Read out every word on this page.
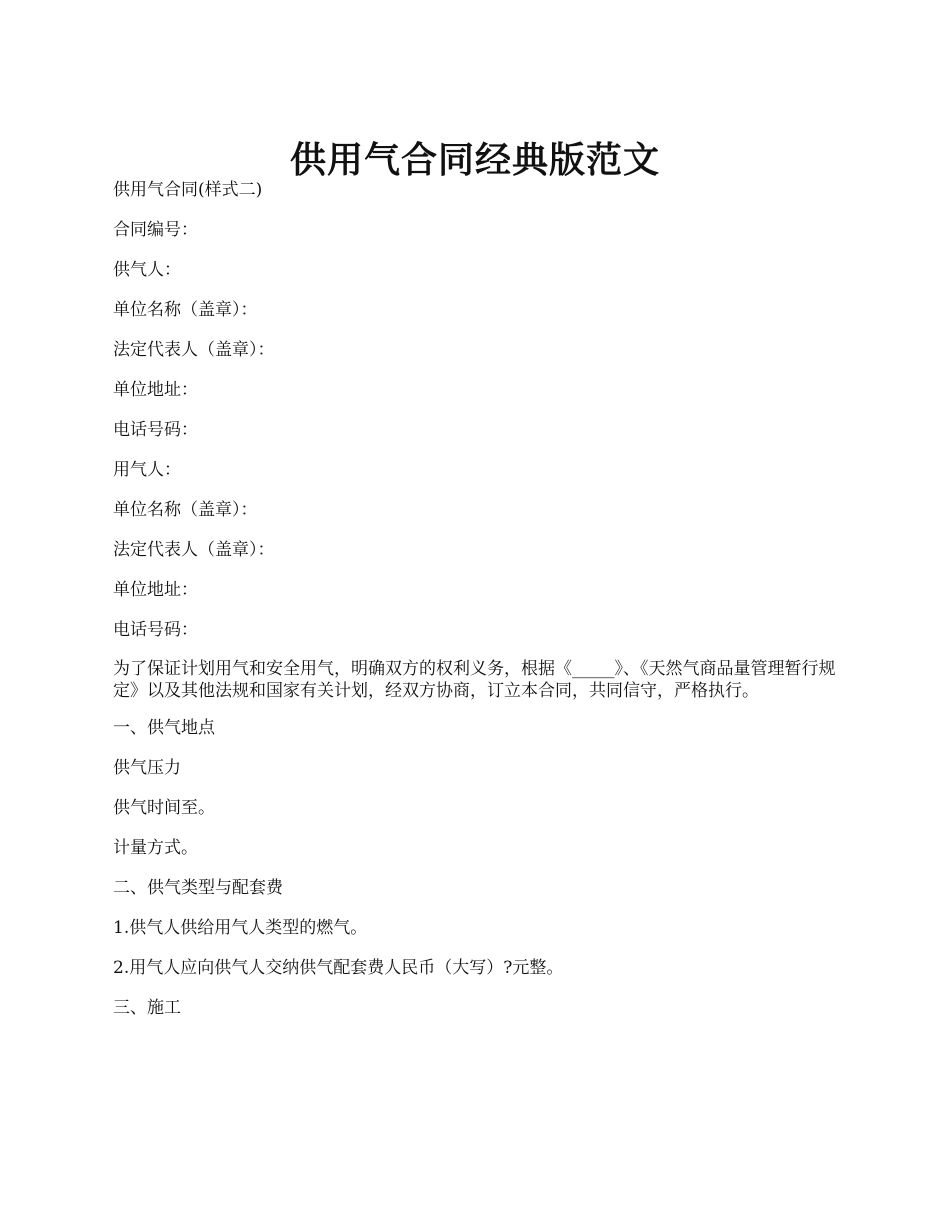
供用气合同经典版范文

供用气合同(样式二)

合同编号：

供气人：

单位名称（盖章）：

法定代表人（盖章）：

单位地址：

电话号码：

用气人：

单位名称（盖章）：

法定代表人（盖章）：

单位地址：

电话号码：

为了保证计划用气和安全用气，明确双方的权利义务，根据《_____》、《天然气商品量管理暂行规定》以及其他法规和国家有关计划，经双方协商，订立本合同，共同信守，严格执行。

一、供气地点

供气压力

供气时间至。

计量方式。

二、供气类型与配套费

1.供气人供给用气人类型的燃气。

2.用气人应向供气人交纳供气配套费人民币（大写）?元整。

三、施工
